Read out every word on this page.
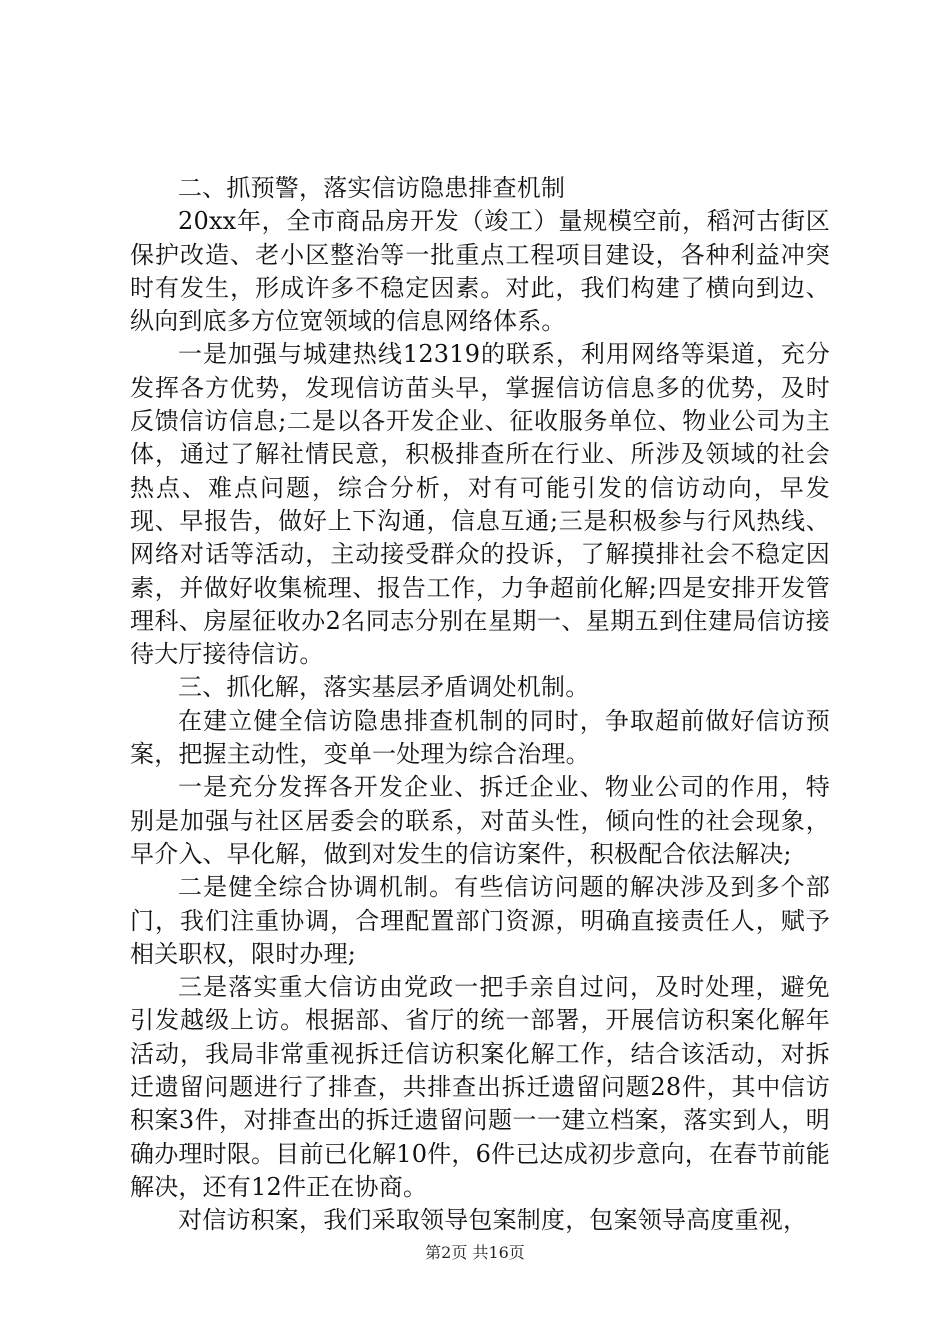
二、抓预警，落实信访隐患排查机制

20xx年，全市商品房开发（竣工）量规模空前，稻河古街区保护改造、老小区整治等一批重点工程项目建设，各种利益冲突时有发生，形成许多不稳定因素。对此，我们构建了横向到边、纵向到底多方位宽领域的信息网络体系。

一是加强与城建热线12319的联系，利用网络等渠道，充分发挥各方优势，发现信访苗头早，掌握信访信息多的优势，及时反馈信访信息;二是以各开发企业、征收服务单位、物业公司为主体，通过了解社情民意，积极排查所在行业、所涉及领域的社会热点、难点问题，综合分析，对有可能引发的信访动向，早发现、早报告，做好上下沟通，信息互通;三是积极参与行风热线、网络对话等活动，主动接受群众的投诉，了解摸排社会不稳定因素，并做好收集梳理、报告工作，力争超前化解;四是安排开发管理科、房屋征收办2名同志分别在星期一、星期五到住建局信访接待大厅接待信访。

三、抓化解，落实基层矛盾调处机制。

在建立健全信访隐患排查机制的同时，争取超前做好信访预案，把握主动性，变单一处理为综合治理。

一是充分发挥各开发企业、拆迁企业、物业公司的作用，特别是加强与社区居委会的联系，对苗头性，倾向性的社会现象，早介入、早化解，做到对发生的信访案件，积极配合依法解决;

二是健全综合协调机制。有些信访问题的解决涉及到多个部门，我们注重协调，合理配置部门资源，明确直接责任人，赋予相关职权，限时办理;

三是落实重大信访由党政一把手亲自过问，及时处理，避免引发越级上访。根据部、省厅的统一部署，开展信访积案化解年活动，我局非常重视拆迁信访积案化解工作，结合该活动，对拆迁遗留问题进行了排查，共排查出拆迁遗留问题28件，其中信访积案3件，对排查出的拆迁遗留问题一一建立档案，落实到人，明确办理时限。目前已化解10件，6件已达成初步意向，在春节前能解决，还有12件正在协商。

对信访积案，我们采取领导包案制度，包案领导高度重视，

第2页 共16页
